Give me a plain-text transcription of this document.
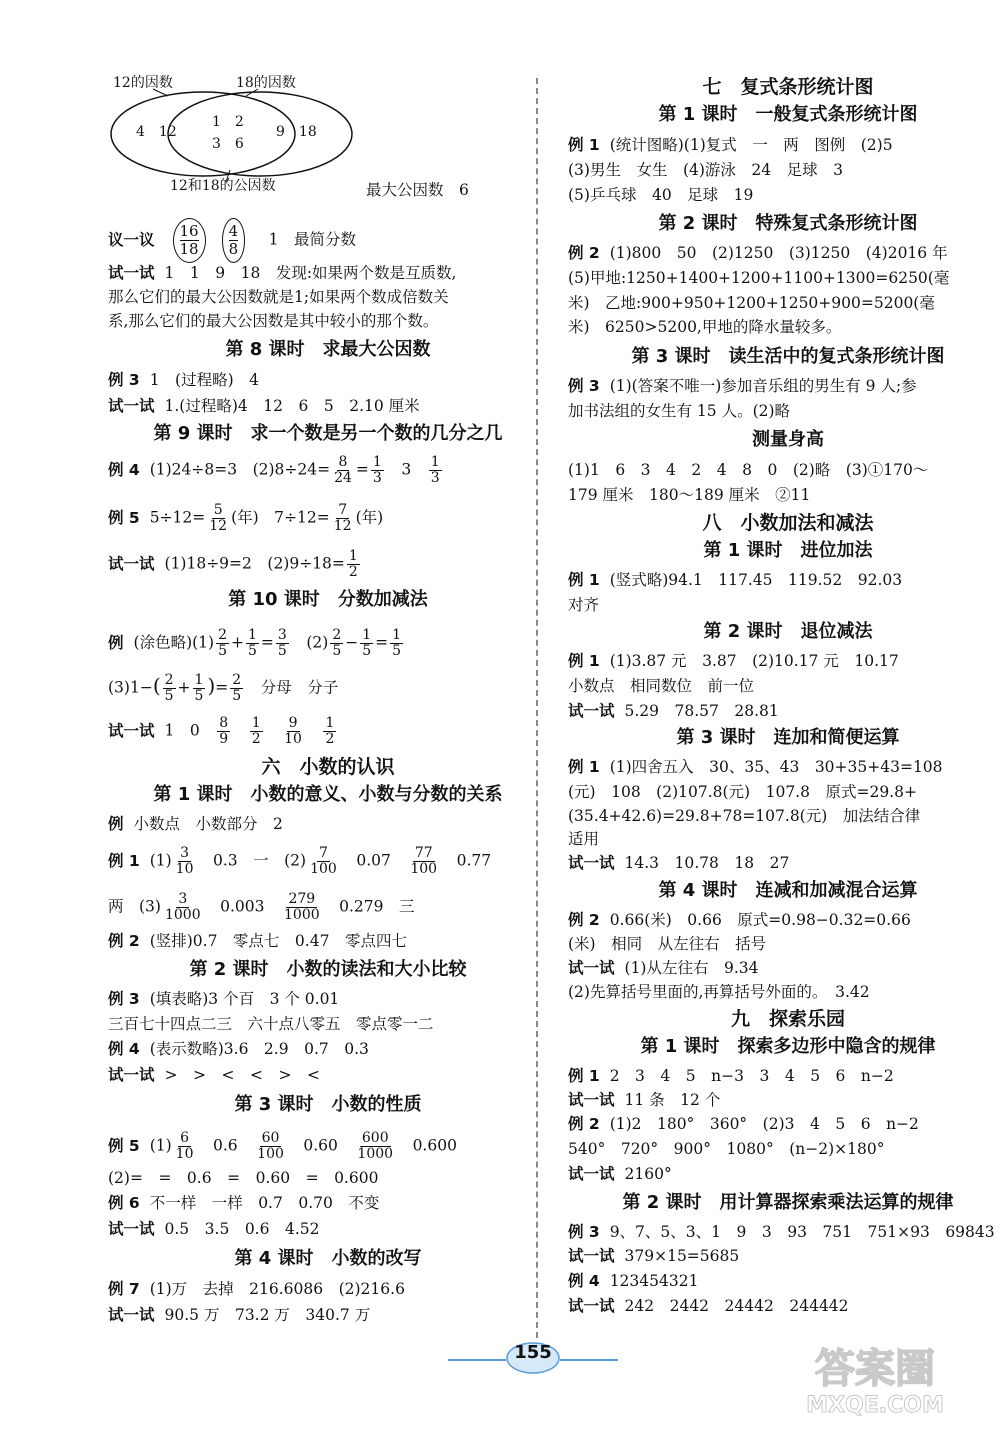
12的因数	18的因数
4　12
1　2
3　6
9　18
12和18的公因数	最大公因数　6
议一议 $\frac{16}{18} \frac{4}{8}$
　 1　最简分数
试一试 1　1　9　18　发现:如果两个数是互质数,
那么它们的最大公因数就是1;如果两个数成倍数关
系,那么它们的最大公因数是其中较小的那个数。
第 8 课时　求最大公因数
例 3 1　(过程略)　4
试一试 1.(过程略)4　12　6　5　2.10 厘米
第 9 课时　求一个数是另一个数的几分之几
例 4 (1)24÷8=3　$(2)8\div 24= \frac{8}{24} = \frac{1}{3}$ 　3　 $\frac{1}{3}$
例 5 $5\div 12= \frac{5}{12}$ (年)　$7\div 12= \frac{7}{12}$ (年)
试一试 (1)18÷9=2　$(2)9\div 18= \frac{1}{2}$
第 10 课时　分数加减法
例 (涂色略)$(1) \frac{2}{5} + \frac{1}{5} = \frac{3}{5}$ 　$(2) \frac{2}{5} - \frac{1}{5} = \frac{1}{5}$
$(3)1-( \frac{2}{5} + \frac{1}{5}$ )= $\frac{2}{5}$ 　分母　分子
试一试 1　0　 $\frac{8}{9}$
　 $\frac{1}{2}$
　 $\frac{9}{10}$
　 $\frac{1}{2}$
六　小数的认识
第 1 课时　小数的意义、小数与分数的关系
例 小数点　小数部分　2
例 1 $(1) \frac{3}{10}$ 　0.3　一　$(2) \frac{7}{100}$ 　0.07　 $\frac{77}{100}$ 　0.77
两　$(3) \frac{3}{1000}$ 　0.003　 $\frac{279}{1000}$ 　0.279　三
例 2 (竖排)0.7　零点七　0.47　零点四七
第 2 课时　小数的读法和大小比较
例 3 (填表略)3 个百　3 个 0.01
三百七十四点二三　六十点八零五　零点零一二
例 4 (表示数略)3.6　2.9　0.7　0.3
试一试 >　>　<　<　>　<
第 3 课时　小数的性质
例 5 $(1) \frac{6}{10}$ 　0.6　 $\frac{60}{100}$ 　0.60　 $\frac{600}{1000}$ 　0.600
(2)=　=　0.6　=　0.60　=　0.600
例 6 不一样　一样　0.7　0.70　不变
试一试 0.5　3.5　0.6　4.52
第 4 课时　小数的改写
例 7 (1)万　去掉　216.6086　(2)216.6
试一试 90.5 万　73.2 万　340.7 万
七　复式条形统计图
第 1 课时　一般复式条形统计图
例 1 (统计图略)(1)复式　一　两　图例　(2)5
(3)男生　女生　(4)游泳　24　足球　3
(5)乒乓球　40　足球　19
第 2 课时　特殊复式条形统计图
例 2 (1)800　50　(2)1250　(3)1250　(4)2016 年
(5)甲地:1250+1400+1200+1100+1300=6250(毫
米)　乙地:900+950+1200+1250+900=5200(毫
米)　6250>5200,甲地的降水量较多。
第 3 课时　读生活中的复式条形统计图
例 3 (1)(答案不唯一)参加音乐组的男生有 9 人;参
加书法组的女生有 15 人。(2)略
测量身高
(1)1　6　3　4　2　4　8　0　(2)略　(3)①170～
179 厘米　180～189 厘米　②11
八　小数加法和减法
第 1 课时　进位加法
例 1 (竖式略)94.1　117.45　119.52　92.03
对齐
第 2 课时　退位减法
例 1 (1)3.87 元　3.87　(2)10.17 元　10.17
小数点　相同数位　前一位
试一试 5.29　78.57　28.81
第 3 课时　连加和简便运算
例 1 (1)四舍五入　30、35、43　30+35+43=108
(元)　108　(2)107.8(元)　107.8　原式=29.8+
(35.4+42.6)=29.8+78=107.8(元)　加法结合律
适用
试一试 14.3　10.78　18　27
第 4 课时　连减和加减混合运算
例 2 0.66(米)　0.66　原式=0.98−0.32=0.66
(米)　相同　从左往右　括号
试一试 (1)从左往右　9.34
(2)先算括号里面的,再算括号外面的。　3.42
九　探索乐园
第 1 课时　探索多边形中隐含的规律
例 1 2　3　4　5　n−3　3　4　5　6　n−2
试一试 11 条　12 个
例 2 (1)2　180°　360°　(2)3　4　5　6　n−2
540°　720°　900°　1080°　(n−2)×180°
试一试 2160°
第 2 课时　用计算器探索乘法运算的规律
例 3 9、7、5、3、1　9　3　93　751　751×93　69843
试一试 379×15=5685
例 4 123454321
试一试 242　2442　24442　244442
155	答案圈
MXQE.COM
